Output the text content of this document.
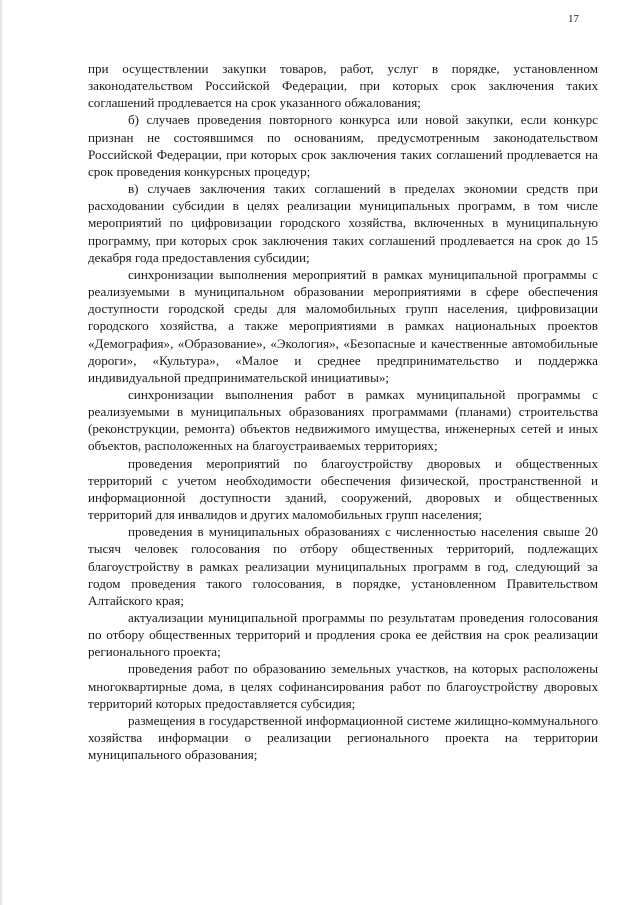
17

при осуществлении закупки товаров, работ, услуг в порядке, установленном законодательством Российской Федерации, при которых срок заключения таких соглашений продлевается на срок указанного обжалования;

б) случаев проведения повторного конкурса или новой закупки, если конкурс признан не состоявшимся по основаниям, предусмотренным законодательством Российской Федерации, при которых срок заключения таких соглашений продлевается на срок проведения конкурсных процедур;

в) случаев заключения таких соглашений в пределах экономии средств при расходовании субсидии в целях реализации муниципальных программ, в том числе мероприятий по цифровизации городского хозяйства, включенных в муниципальную программу, при которых срок заключения таких соглашений продлевается на срок до 15 декабря года предоставления субсидии;

синхронизации выполнения мероприятий в рамках муниципальной программы с реализуемыми в муниципальном образовании мероприятиями в сфере обеспечения доступности городской среды для маломобильных групп населения, цифровизации городского хозяйства, а также мероприятиями в рамках национальных проектов «Демография», «Образование», «Экология», «Безопасные и качественные автомобильные дороги», «Культура», «Малое и среднее предпринимательство и поддержка индивидуальной предпринимательской инициативы»;

синхронизации выполнения работ в рамках муниципальной программы с реализуемыми в муниципальных образованиях программами (планами) строительства (реконструкции, ремонта) объектов недвижимого имущества, инженерных сетей и иных объектов, расположенных на благоустраиваемых территориях;

проведения мероприятий по благоустройству дворовых и общественных территорий с учетом необходимости обеспечения физической, пространственной и информационной доступности зданий, сооружений, дворовых и общественных территорий для инвалидов и других маломобильных групп населения;

проведения в муниципальных образованиях с численностью населения свыше 20 тысяч человек голосования по отбору общественных территорий, подлежащих благоустройству в рамках реализации муниципальных программ в год, следующий за годом проведения такого голосования, в порядке, установленном Правительством Алтайского края;

актуализации муниципальной программы по результатам проведения голосования по отбору общественных территорий и продления срока ее действия на срок реализации регионального проекта;

проведения работ по образованию земельных участков, на которых расположены многоквартирные дома, в целях софинансирования работ по благоустройству дворовых территорий которых предоставляется субсидия;

размещения в государственной информационной системе жилищно-коммунального хозяйства информации о реализации регионального проекта на территории муниципального образования;
